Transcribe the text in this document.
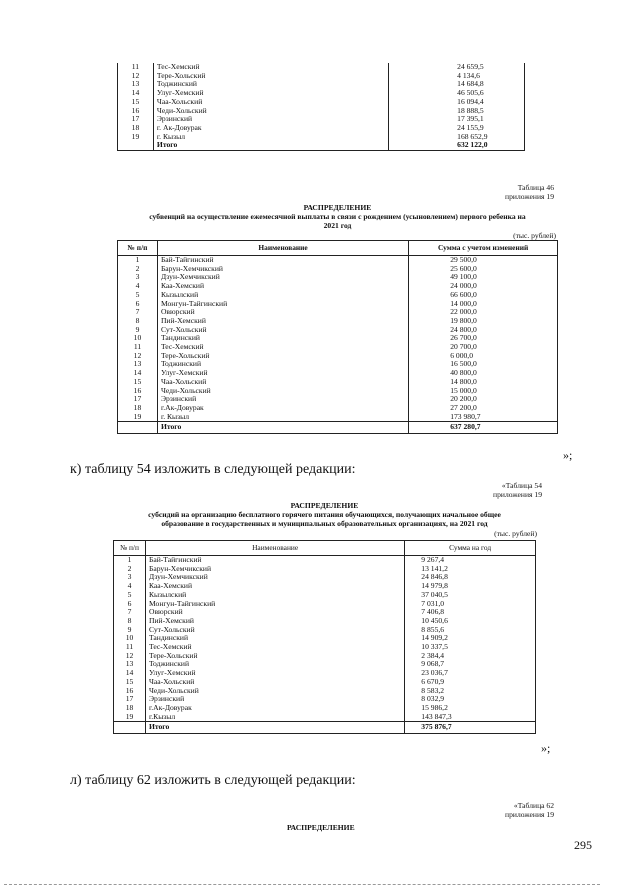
11	Тес-Хемский	24 659,5
12	Тере-Хольский	4 134,6
13	Тоджинский	14 684,8
14	Улуг-Хемский	46 505,6
15	Чаа-Хольский	16 094,4
16	Чеди-Хольский	18 888,5
17	Эрзинский	17 395,1
18	г. Ак-Довурак	24 155,9
19	г. Кызыл	168 652,9
	Итого	632 122,0
Таблица 46
приложения 19
РАСПРЕДЕЛЕНИЕ
субвенций на осуществление ежемесячной выплаты в связи с рождением (усыновлением) первого ребенка на
2021 год
(тыс. рублей)
№ п/п	Наименование	Сумма с учетом изменений
1	Бай-Тайгинский	29 500,0
2	Барун-Хемчикский	25 600,0
3	Дзун-Хемчикский	49 100,0
4	Каа-Хемский	24 000,0
5	Кызылский	66 600,0
6	Монгун-Тайгинский	14 000,0
7	Овюрский	22 000,0
8	Пий-Хемский	19 800,0
9	Сут-Хольский	24 800,0
10	Тандинский	26 700,0
11	Тес-Хемский	20 700,0
12	Тере-Хольский	6 000,0
13	Тоджинский	16 500,0
14	Улуг-Хемский	40 800,0
15	Чаа-Хольский	14 800,0
16	Чеди-Хольский	15 000,0
17	Эрзинский	20 200,0
18	г.Ак-Довурак	27 200,0
19	г. Кызыл	173 980,7
	Итого	637 280,7
»;
к) таблицу 54 изложить в следующей редакции:
«Таблица 54
приложения 19
РАСПРЕДЕЛЕНИЕ
субсидий на организацию бесплатного горячего питания обучающихся, получающих начальное общее
образование в государственных и муниципальных образовательных организациях, на 2021 год
(тыс. рублей)
№ п/п	Наименование	Сумма на год
1	Бай-Тайгинский	9 267,4
2	Барун-Хемчикский	13 141,2
3	Дзун-Хемчикский	24 846,8
4	Каа-Хемский	14 979,8
5	Кызылский	37 040,5
6	Монгун-Тайгинский	7 031,0
7	Овюрский	7 406,8
8	Пий-Хемский	10 450,6
9	Сут-Хольский	8 855,6
10	Тандинский	14 909,2
11	Тес-Хемский	10 337,5
12	Тере-Хольский	2 384,4
13	Тоджинский	9 068,7
14	Улуг-Хемский	23 036,7
15	Чаа-Хольский	6 670,9
16	Чеди-Хольский	8 583,2
17	Эрзинский	8 032,9
18	г.Ак-Довурак	15 986,2
19	г.Кызыл	143 847,3
	Итого	375 876,7
»;
л) таблицу 62 изложить в следующей редакции:
«Таблица 62
приложения 19
РАСПРЕДЕЛЕНИЕ
295
